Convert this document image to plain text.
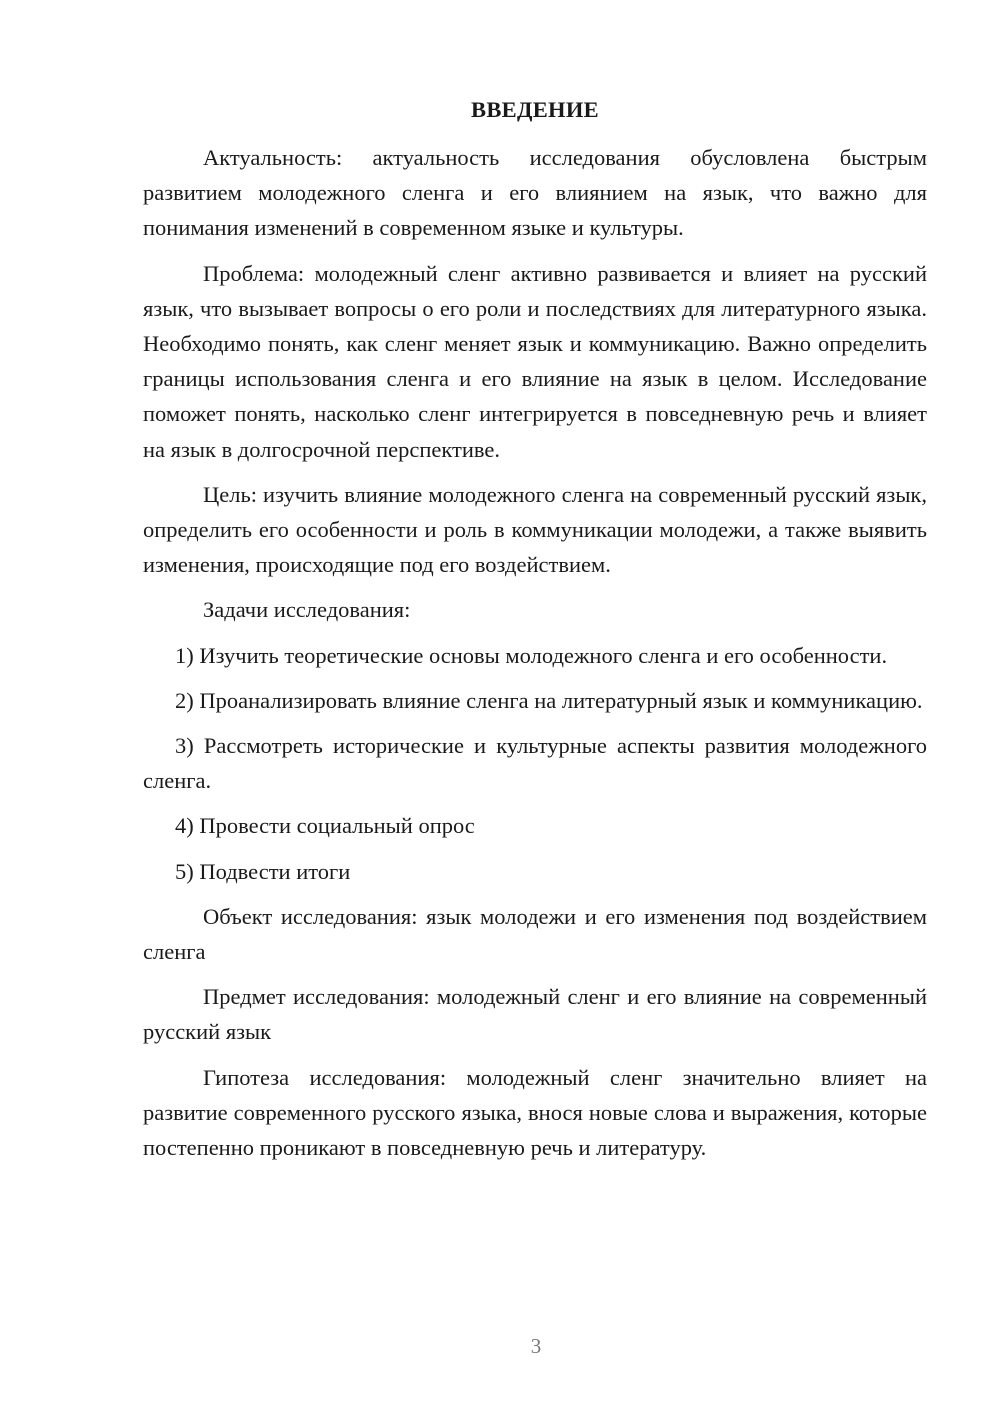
ВВЕДЕНИЕ

Актуальность: актуальность исследования обусловлена быстрым развитием молодежного сленга и его влиянием на язык, что важно для понимания изменений в современном языке и культуры.

Проблема: молодежный сленг активно развивается и влияет на русский язык, что вызывает вопросы о его роли и последствиях для литературного языка. Необходимо понять, как сленг меняет язык и коммуникацию. Важно определить границы использования сленга и его влияние на язык в целом. Исследование поможет понять, насколько сленг интегрируется в повседневную речь и влияет на язык в долгосрочной перспективе.

Цель: изучить влияние молодежного сленга на современный русский язык, определить его особенности и роль в коммуникации молодежи, а также выявить изменения, происходящие под его воздействием.

Задачи исследования:

1) Изучить теоретические основы молодежного сленга и его особенности.

2) Проанализировать влияние сленга на литературный язык и коммуникацию.

3) Рассмотреть исторические и культурные аспекты развития молодежного сленга.

4) Провести социальный опрос

5) Подвести итоги

Объект исследования: язык молодежи и его изменения под воздействием сленга

Предмет исследования: молодежный сленг и его влияние на современный русский язык

Гипотеза исследования: молодежный сленг значительно влияет на развитие современного русского языка, внося новые слова и выражения, которые постепенно проникают в повседневную речь и литературу.

3
